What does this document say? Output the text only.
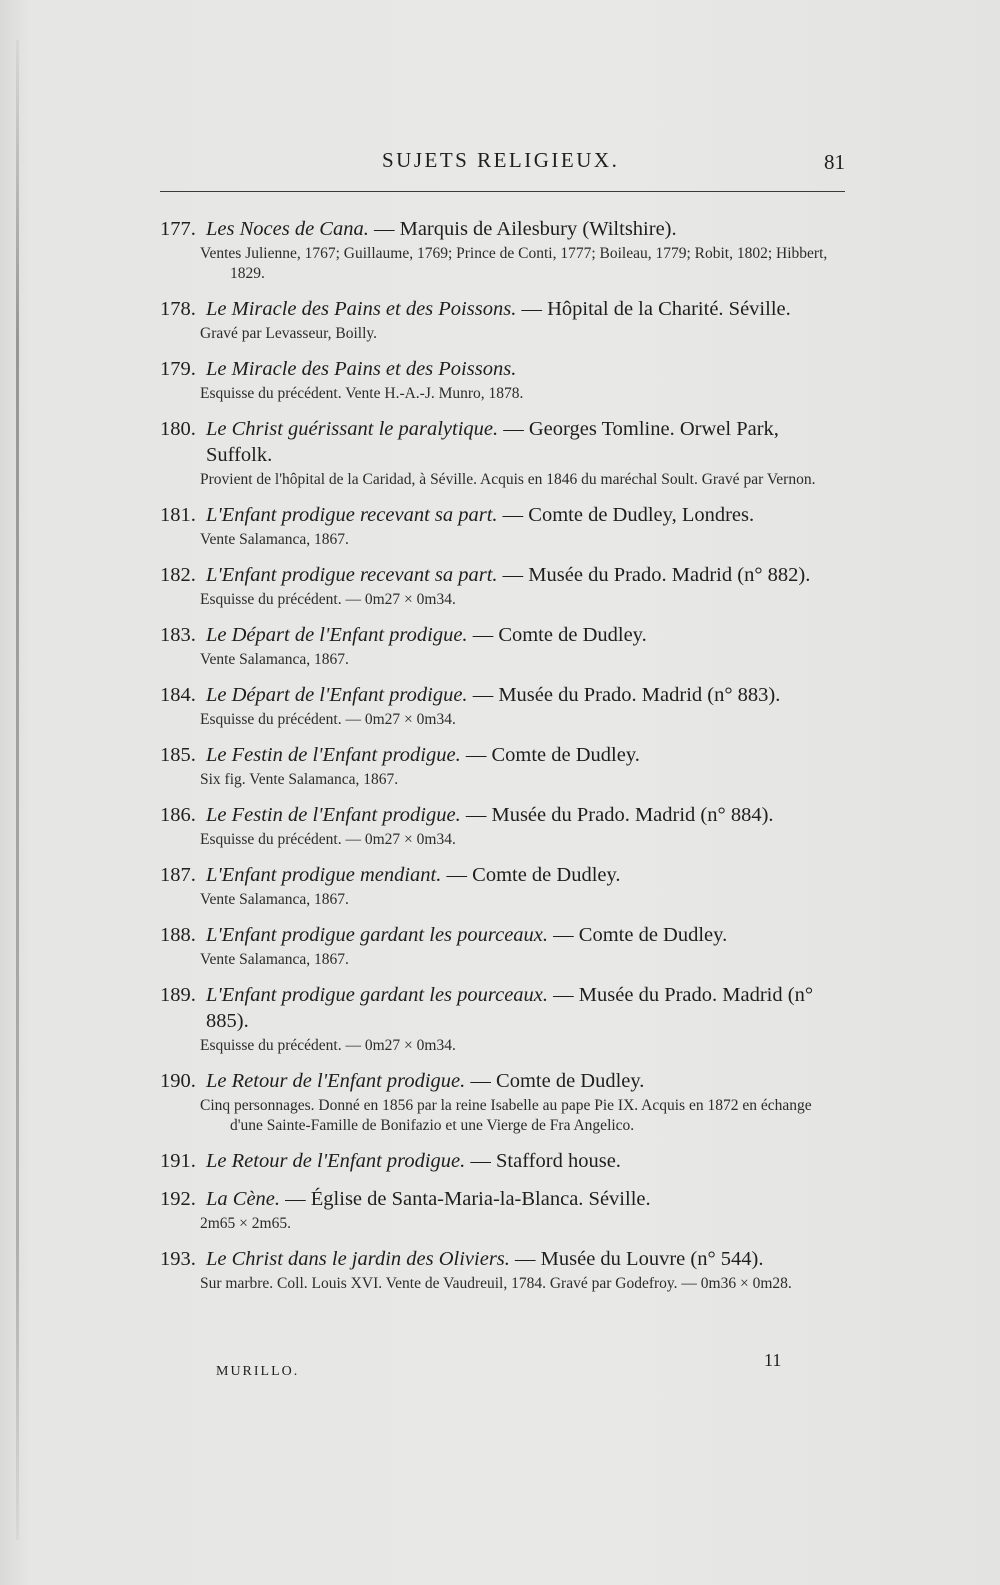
SUJETS RELIGIEUX.	81
177. Les Noces de Cana. — Marquis de Ailesbury (Wiltshire).
Ventes Julienne, 1767; Guillaume, 1769; Prince de Conti, 1777; Boileau, 1779; Robit, 1802; Hibbert, 1829.
178. Le Miracle des Pains et des Poissons. — Hôpital de la Charité. Séville.
Gravé par Levasseur, Boilly.
179. Le Miracle des Pains et des Poissons.
Esquisse du précédent. Vente H.-A.-J. Munro, 1878.
180. Le Christ guérissant le paralytique. — Georges Tomline. Orwel Park, Suffolk.
Provient de l'hôpital de la Caridad, à Séville. Acquis en 1846 du maréchal Soult. Gravé par Vernon.
181. L'Enfant prodigue recevant sa part. — Comte de Dudley, Londres.
Vente Salamanca, 1867.
182. L'Enfant prodigue recevant sa part. — Musée du Prado. Madrid (n° 882).
Esquisse du précédent. — 0m27 × 0m34.
183. Le Départ de l'Enfant prodigue. — Comte de Dudley.
Vente Salamanca, 1867.
184. Le Départ de l'Enfant prodigue. — Musée du Prado. Madrid (n° 883).
Esquisse du précédent. — 0m27 × 0m34.
185. Le Festin de l'Enfant prodigue. — Comte de Dudley.
Six fig. Vente Salamanca, 1867.
186. Le Festin de l'Enfant prodigue. — Musée du Prado. Madrid (n° 884).
Esquisse du précédent. — 0m27 × 0m34.
187. L'Enfant prodigue mendiant. — Comte de Dudley.
Vente Salamanca, 1867.
188. L'Enfant prodigue gardant les pourceaux. — Comte de Dudley.
Vente Salamanca, 1867.
189. L'Enfant prodigue gardant les pourceaux. — Musée du Prado. Madrid (n° 885).
Esquisse du précédent. — 0m27 × 0m34.
190. Le Retour de l'Enfant prodigue. — Comte de Dudley.
Cinq personnages. Donné en 1856 par la reine Isabelle au pape Pie IX. Acquis en 1872 en échange d'une Sainte-Famille de Bonifazio et une Vierge de Fra Angelico.
191. Le Retour de l'Enfant prodigue. — Stafford house.
192. La Cène. — Église de Santa-Maria-la-Blanca. Séville.
2m65 × 2m65.
193. Le Christ dans le jardin des Oliviers. — Musée du Louvre (n° 544).
Sur marbre. Coll. Louis XVI. Vente de Vaudreuil, 1784. Gravé par Godefroy. — 0m36 × 0m28.
MURILLO.
11
